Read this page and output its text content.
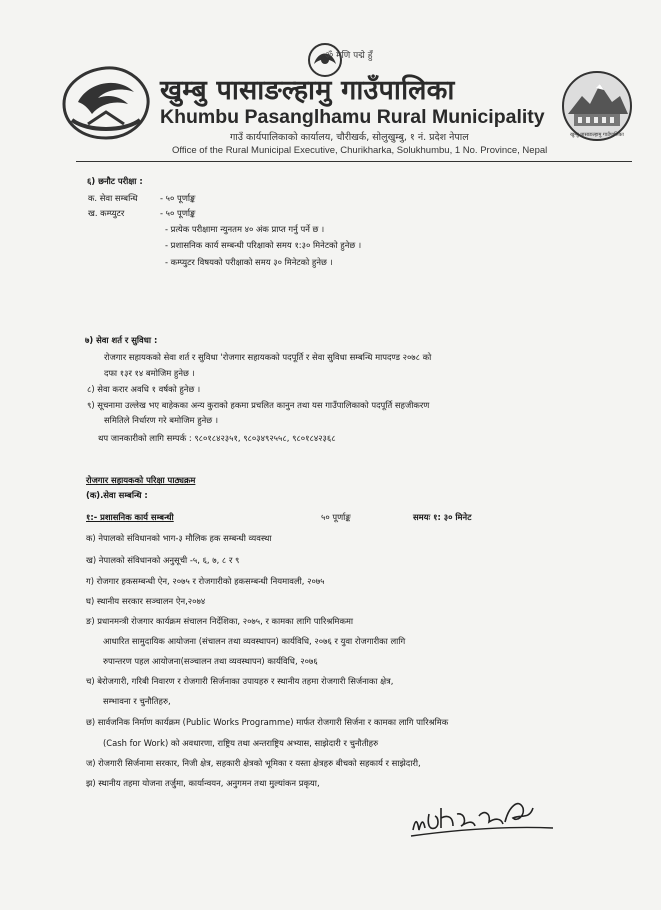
ॐ मणि पद्मे हुँ
खुम्बु पासाङल्हामु गाउँपालिका
खुम्बु पासाङल्हामु गाउँपालिका
Khumbu Pasanglhamu Rural Municipality
गाउँ कार्यपालिकाको कार्यालय, चौरीखर्क, सोलुखुम्बु, १ नं. प्रदेश नेपाल
Office of the Rural Municipal Executive, Churikharka, Solukhumbu, 1 No. Province, Nepal
६) छनौट परीक्षा :
क. सेवा सम्बन्धि	- ५० पूर्णाङ्क
ख. कम्प्युटर	- ५० पूर्णाङ्क
- प्रत्येक परीक्षामा न्युनतम ४० अंक प्राप्त गर्नु पर्ने छ ।
- प्रशासनिक कार्य सम्बन्धी परिक्षाको समय १:३० मिनेटको हुनेछ ।
- कम्प्युटर विषयको परीक्षाको समय ३० मिनेटको हुनेछ ।
७) सेवा शर्त र सुविधा :
रोजगार सहायकको सेवा शर्त र सुविधा 'रोजगार सहायकको पदपूर्ति र सेवा सुविधा सम्बन्धि मापदण्ड २०७८ को
दफा १३र १४ बमोजिम हुनेछ ।
८) सेवा करार अवधि १ वर्षको हुनेछ ।
९) सूचनामा उल्लेख भए बाहेकका अन्य कुराको हकमा प्रचलित कानुन तथा यस गाउँपालिकाको पदपूर्ति सहजीकरण
समितिले निर्धारण गरे बमोजिम हुनेछ ।
थप जानकारीको लागि सम्पर्क : ९८०१८४२३५१, ९८०३४९२५५८, ९८०१८४२३६८
रोजगार सहायकको परिक्षा पाठ्यक्रम
(क).सेवा सम्बन्धि :
१:- प्रशासनिक कार्य सम्बन्धी	५० पूर्णाङ्क	समयः १: ३० मिनेट
क) नेपालको संविधानको भाग-३ मौलिक हक सम्बन्धी व्यवस्था
ख) नेपालको संविधानको अनुसूची -५, ६, ७, ८ र ९
ग) रोजगार हकसम्बन्धी ऐन, २०७५ र रोजगारीको हकसम्बन्धी नियमावली, २०७५
घ) स्थानीय सरकार सञ्चालन ऐन,२०७४
ङ) प्रधानमन्त्री रोजगार कार्यक्रम संचालन निर्देशिका, २०७५, र कामका लागि पारिश्रमिकमा
आधारित सामुदायिक आयोजना (संचालन तथा व्यवस्थापन) कार्यविधि, २०७६ र युवा रोजगारीका लागि
रुपान्तरण पहल आयोजना(सञ्चालन तथा व्यवस्थापन) कार्यविधि, २०७६
च) बेरोजगारी, गरिबी निवारण र रोजगारी सिर्जनाका उपायहरु र स्थानीय तहमा रोजगारी सिर्जनाका क्षेत्र,
सम्भावना र चुनौतिहरु,
छ) सार्वजनिक निर्माण कार्यक्रम (Public Works Programme) मार्फत रोजगारी सिर्जना र कामका लागि पारिश्रमिक
(Cash for Work) को अवधारणा, राष्ट्रिय तथा अन्तराष्ट्रिय अभ्यास, साझेदारी र चुनौतीहरु
ज) रोजगारी सिर्जनामा सरकार, निजी क्षेत्र, सहकारी क्षेत्रको भूमिका र यस्ता क्षेत्रहरु बीचको सहकार्य र साझेदारी,
झ) स्थानीय तहमा योजना तर्जुमा, कार्यान्वयन, अनुगमन तथा मुल्यांकन प्रकृया,
